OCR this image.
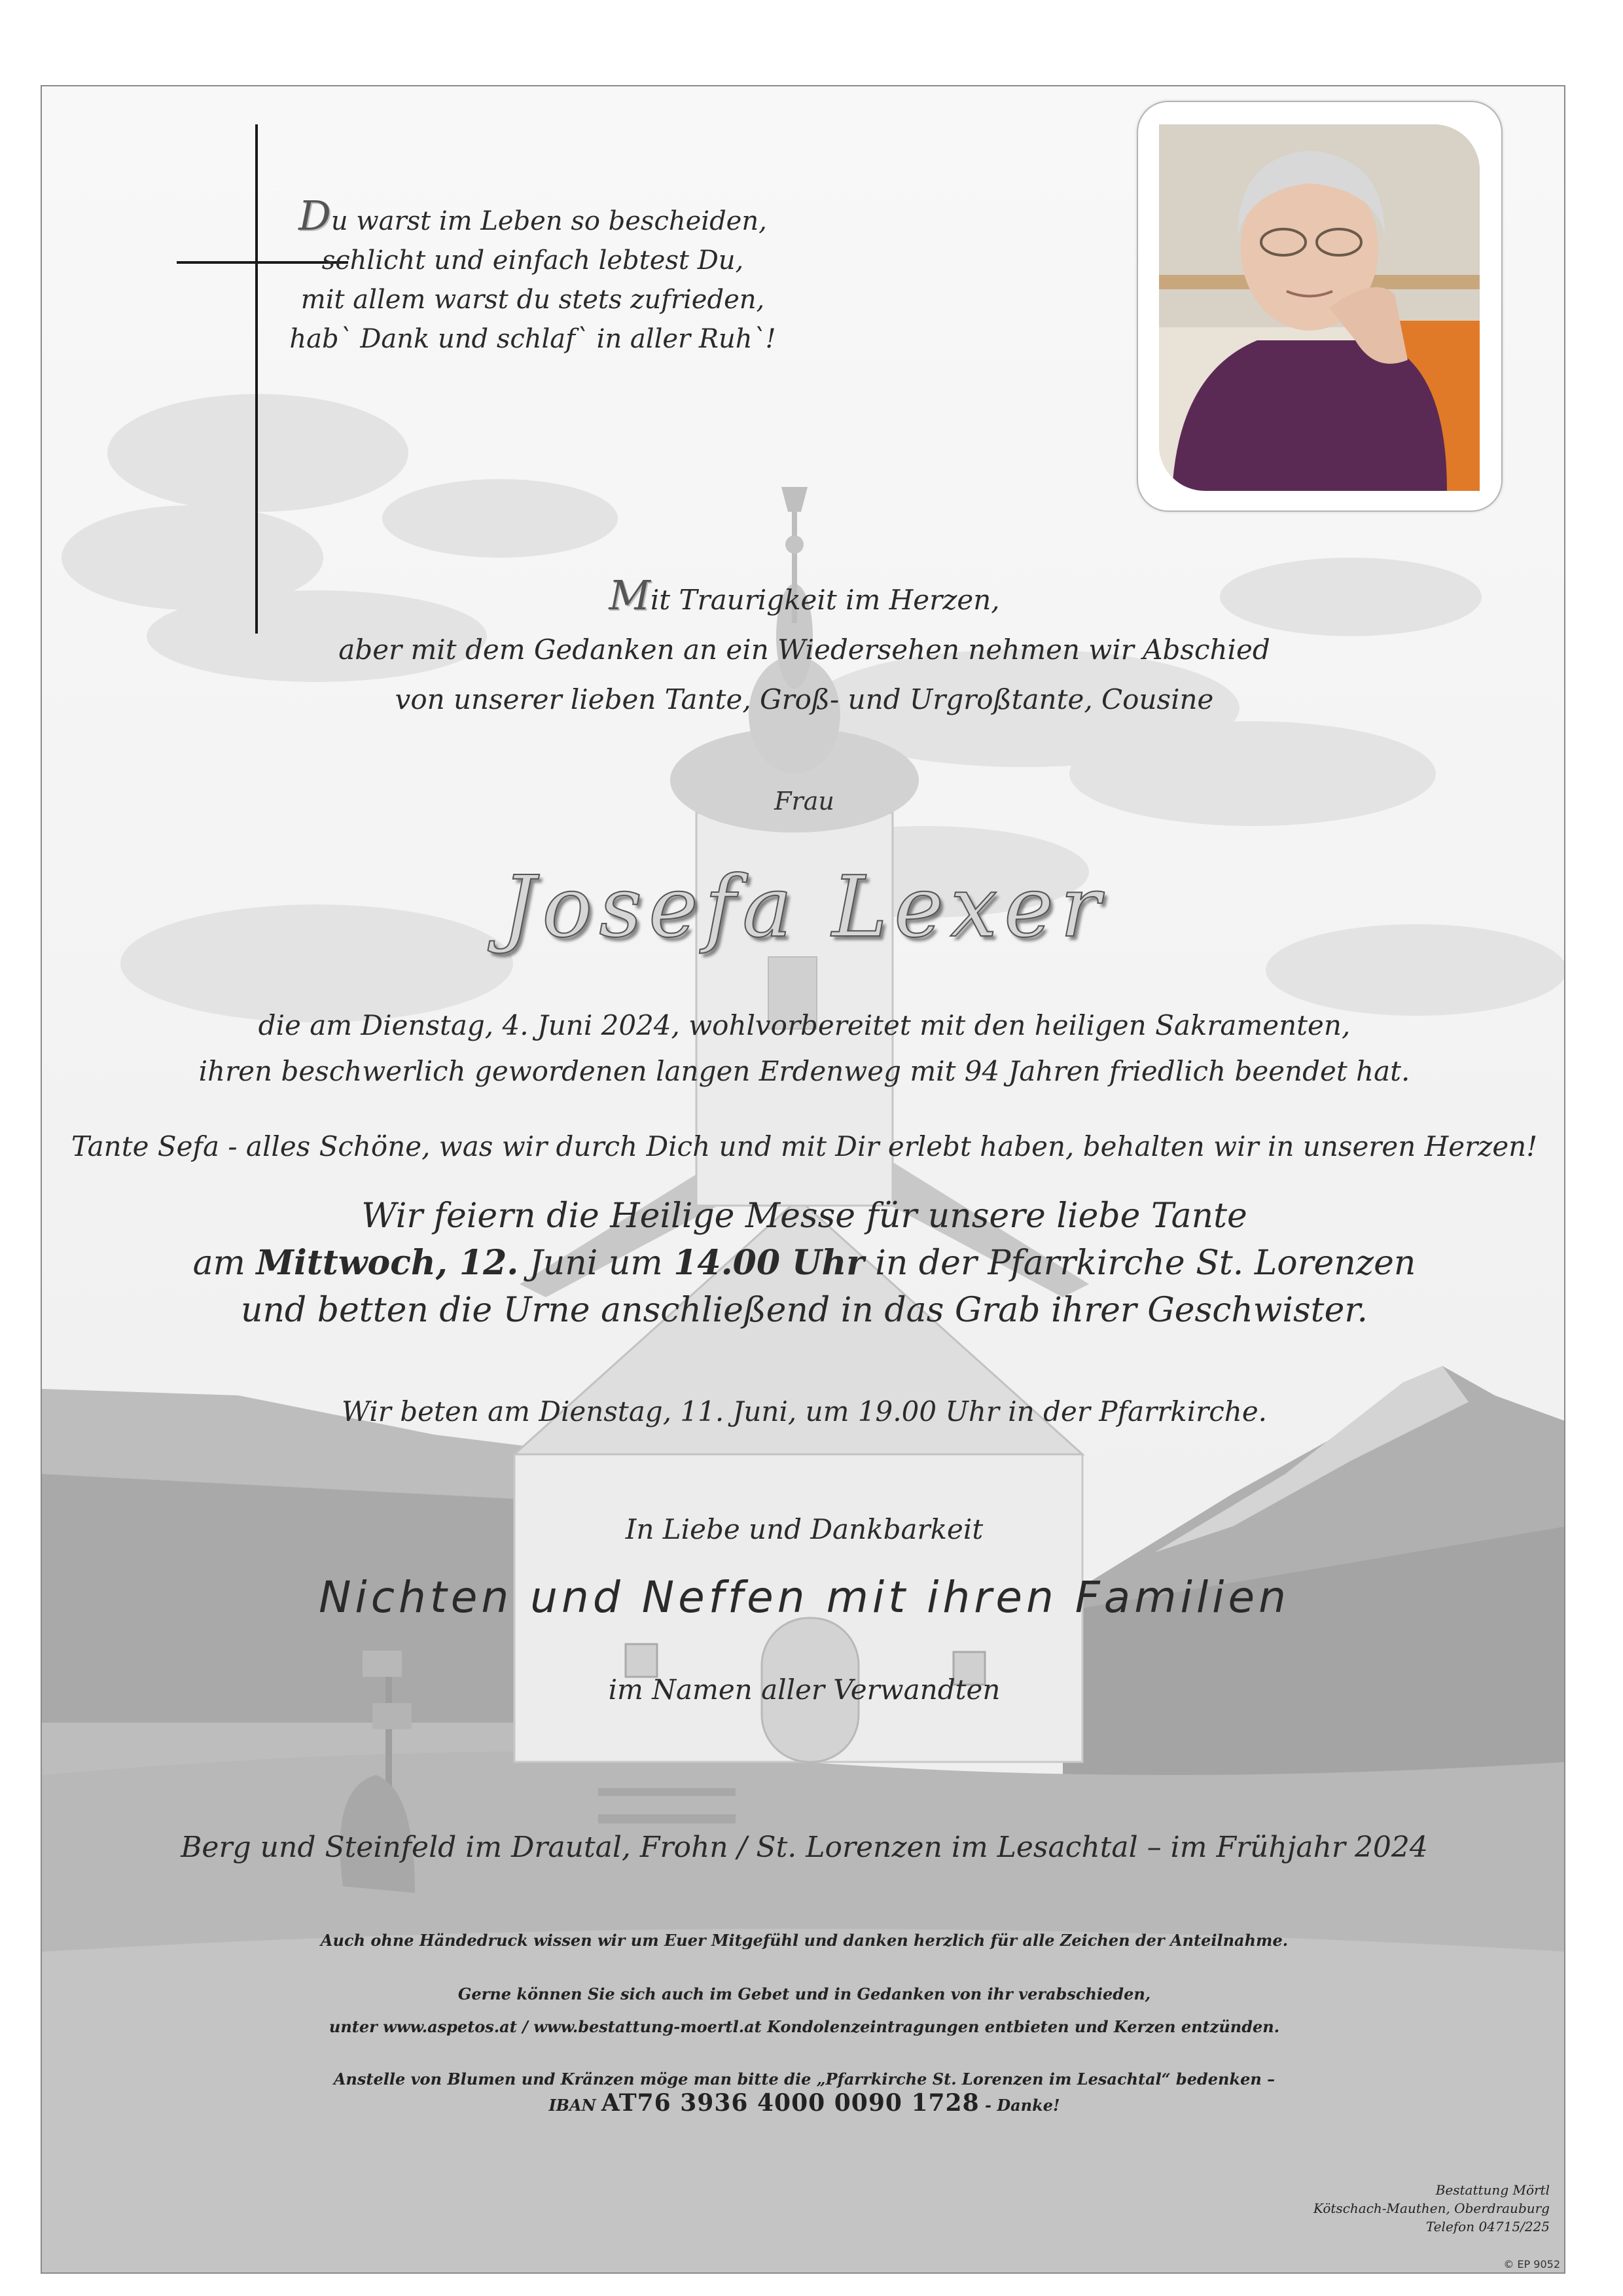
Du warst im Leben so bescheiden,
schlicht und einfach lebtest Du,
mit allem warst du stets zufrieden,
hab` Dank und schlaf` in aller Ruh`!
Mit Traurigkeit im Herzen,
aber mit dem Gedanken an ein Wiedersehen nehmen wir Abschied
von unserer lieben Tante, Groß- und Urgroßtante, Cousine
Frau
Josefa Lexer
die am Dienstag, 4. Juni 2024, wohlvorbereitet mit den heiligen Sakramenten,
ihren beschwerlich gewordenen langen Erdenweg mit 94 Jahren friedlich beendet hat.
Tante Sefa - alles Schöne, was wir durch Dich und mit Dir erlebt haben, behalten wir in unseren Herzen!
Wir feiern die Heilige Messe für unsere liebe Tante
am Mittwoch, 12. Juni um 14.00 Uhr in der Pfarrkirche St. Lorenzen
und betten die Urne anschließend in das Grab ihrer Geschwister.
Wir beten am Dienstag, 11. Juni, um 19.00 Uhr in der Pfarrkirche.
In Liebe und Dankbarkeit
Nichten und Neffen mit ihren Familien
im Namen aller Verwandten
Berg und Steinfeld im Drautal, Frohn / St. Lorenzen im Lesachtal – im Frühjahr 2024
Auch ohne Händedruck wissen wir um Euer Mitgefühl und danken herzlich für alle Zeichen der Anteilnahme.
Gerne können Sie sich auch im Gebet und in Gedanken von ihr verabschieden,
unter www.aspetos.at / www.bestattung-moertl.at Kondolenzeintragungen entbieten und Kerzen entzünden.
Anstelle von Blumen und Kränzen möge man bitte die „Pfarrkirche St. Lorenzen im Lesachtal“ bedenken –
IBAN AT76 3936 4000 0090 1728 - Danke!
Bestattung Mörtl
Kötschach-Mauthen, Oberdrauburg
Telefon 04715/225
© EP 9052
